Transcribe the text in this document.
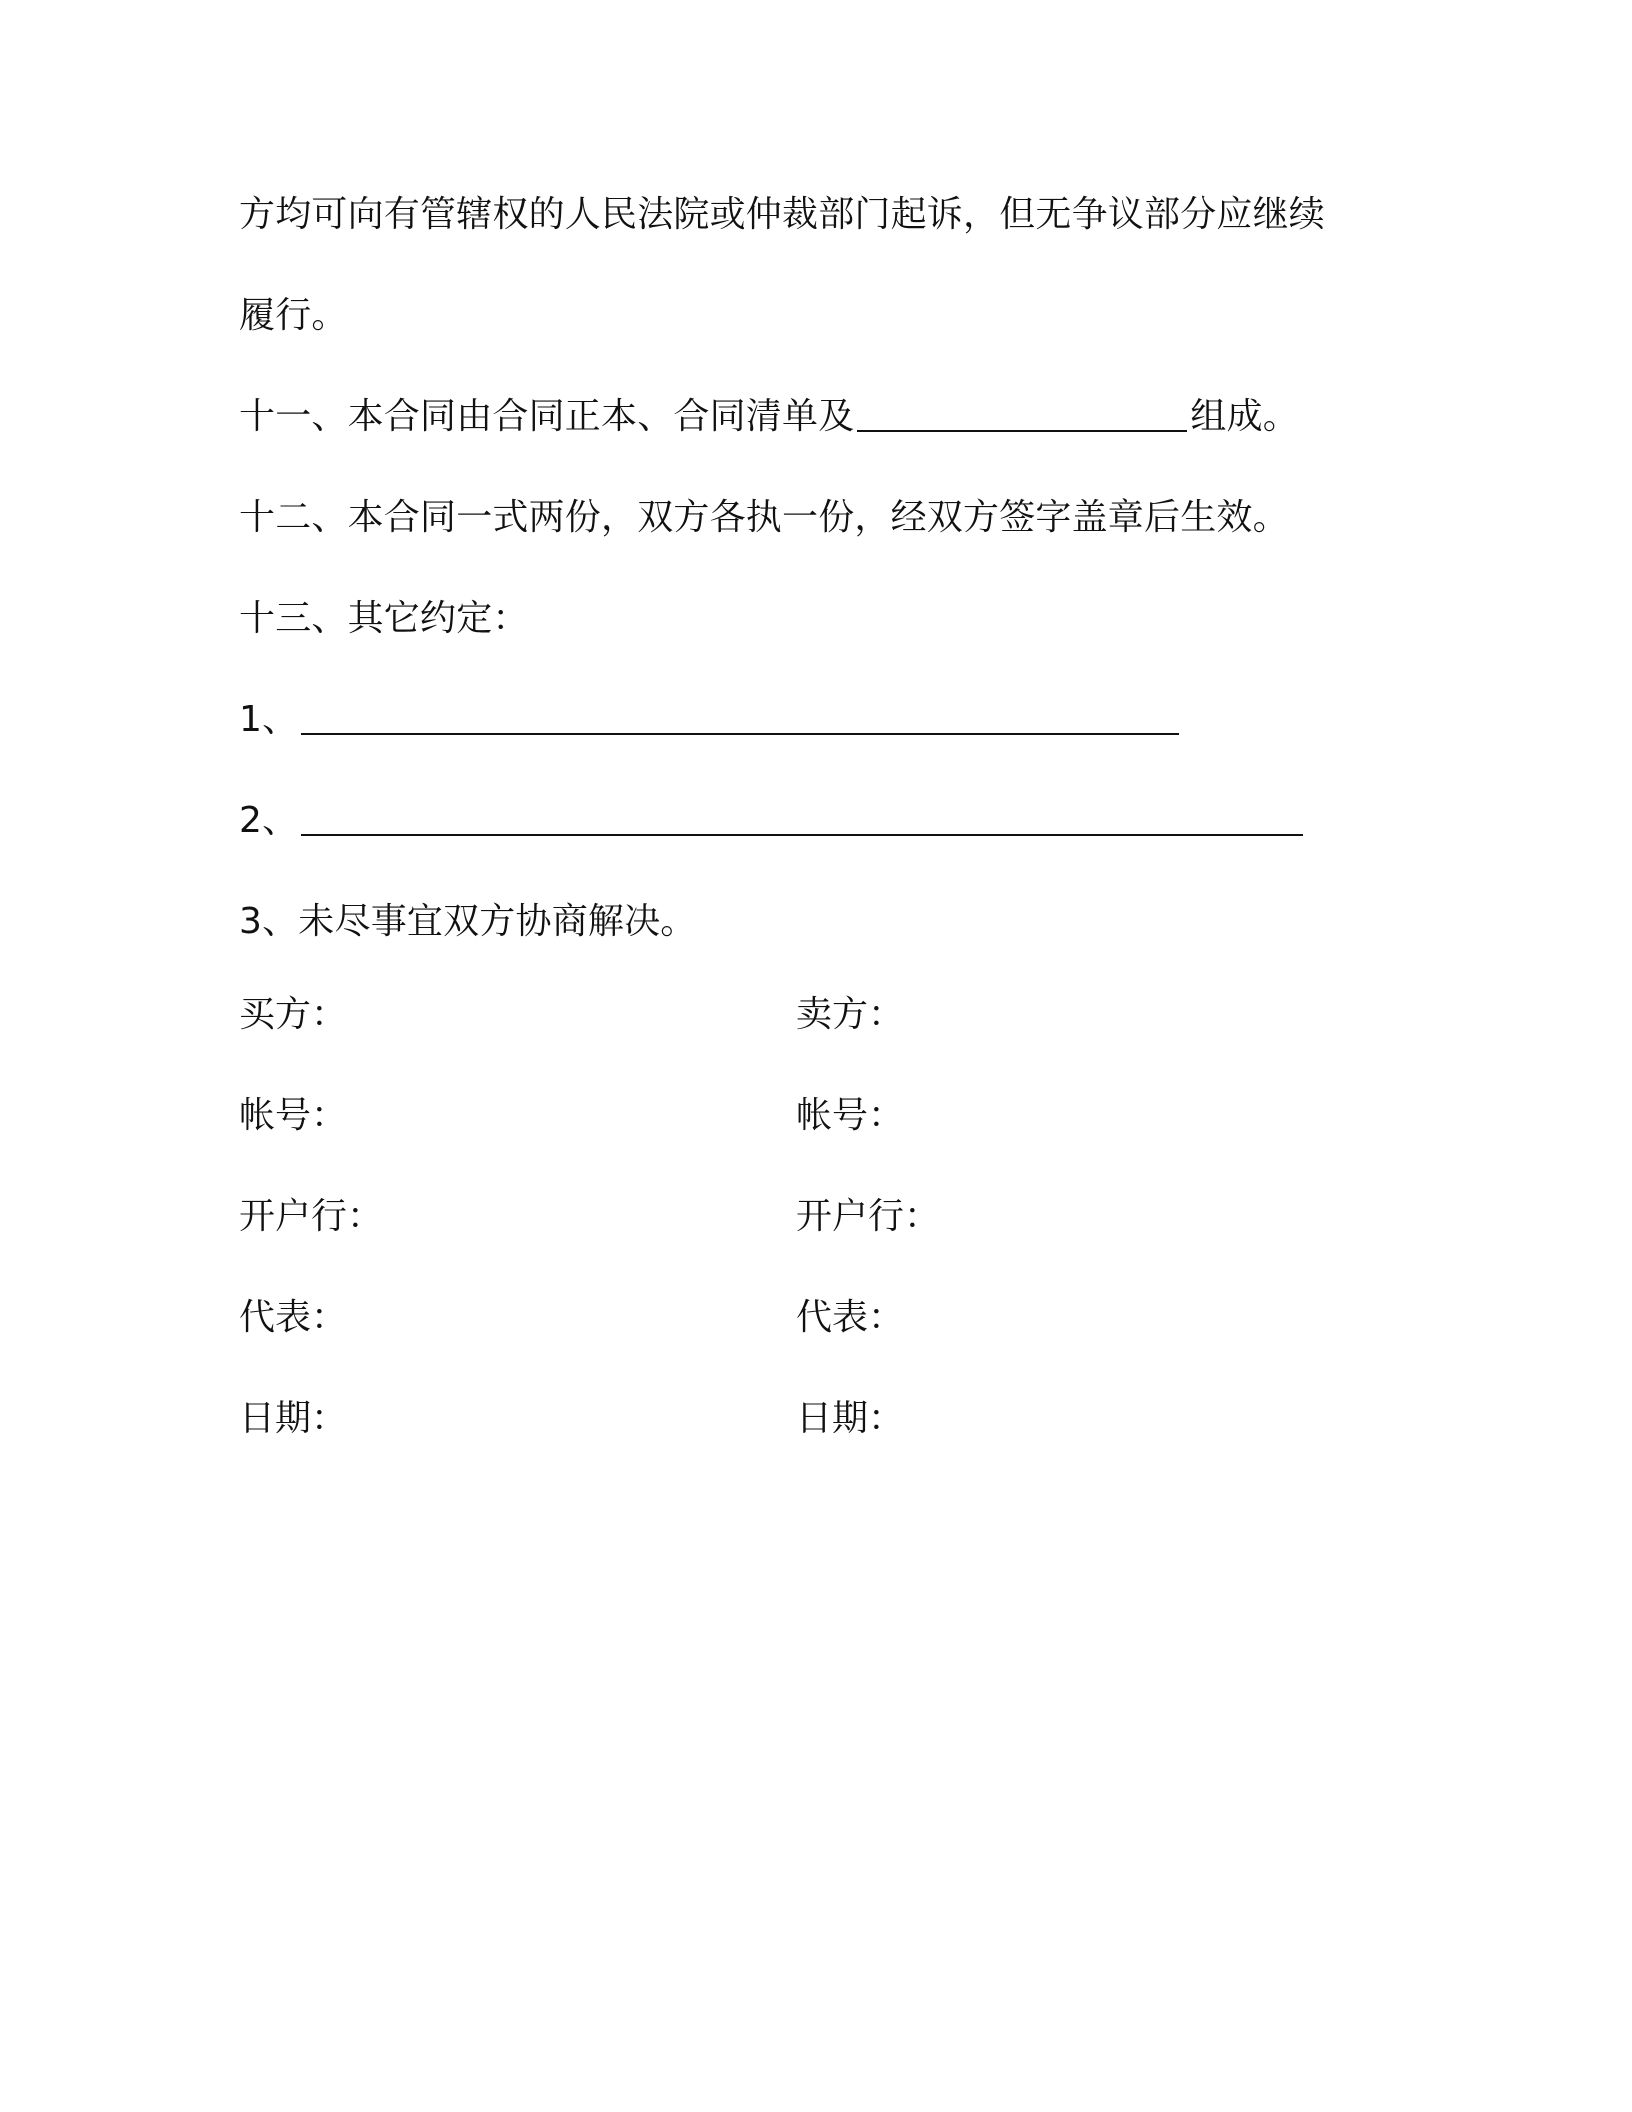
方均可向有管辖权的人民法院或仲裁部门起诉，但无争议部分应继续
履行。
十一、本合同由合同正本、合同清单及	组成。
十二、本合同一式两份，双方各执一份，经双方签字盖章后生效。
十三、其它约定：
1、
2、
3、未尽事宜双方协商解决。
买方：	卖方：
帐号：	帐号：
开户行：	开户行：
代表：	代表：
日期：	日期：
